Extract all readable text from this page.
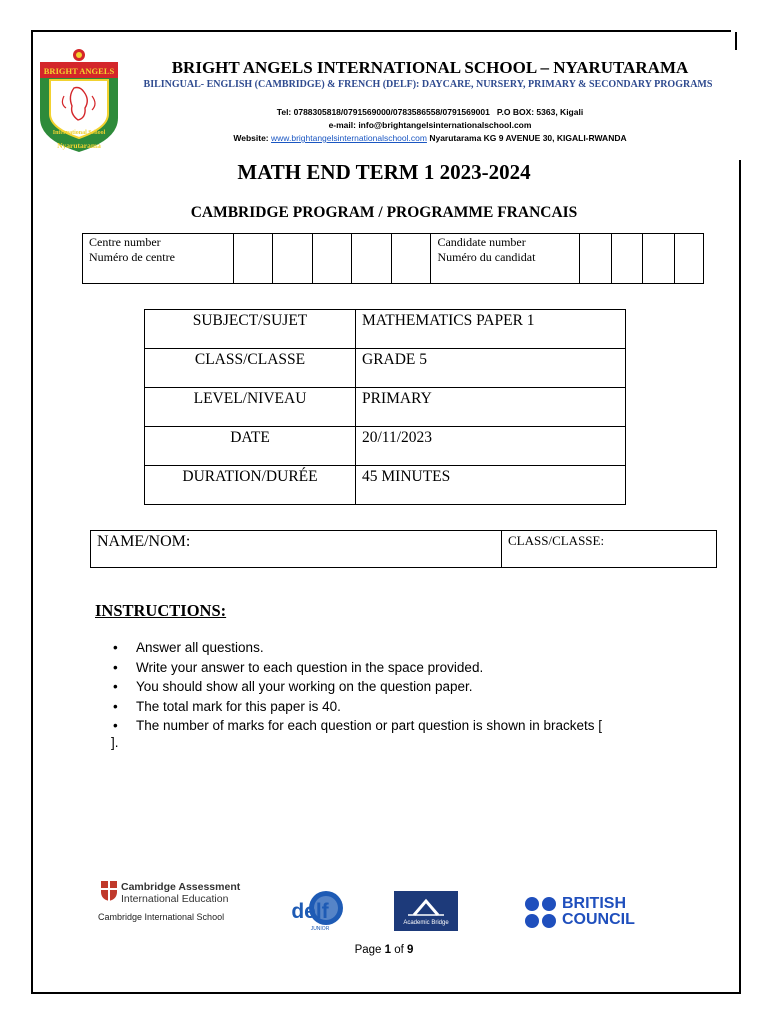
BRIGHT ANGELS
International School
Nyarutarama
BRIGHT ANGELS INTERNATIONAL SCHOOL – NYARUTARAMA
BILINGUAL- ENGLISH (CAMBRIDGE) & FRENCH (DELF): DAYCARE, NURSERY, PRIMARY & SECONDARY PROGRAMS
Tel: 0788305818/0791569000/0783586558/0791569001 P.O BOX: 5363, Kigali
e-mail: info@brightangelsinternationalschool.com
Website: www.brightangelsinternationalschool.com Nyarutarama KG 9 AVENUE 30, KIGALI-RWANDA
MATH END TERM 1 2023-2024
CAMBRIDGE PROGRAM / PROGRAMME FRANCAIS
Centre number
Numéro de centre

Candidate number
Numéro du candidat

SUBJECT/SUJET	MATHEMATICS PAPER 1
CLASS/CLASSE	GRADE 5
LEVEL/NIVEAU	PRIMARY
DATE	20/11/2023
DURATION/DURÉE	45 MINUTES
NAME/NOM:	CLASS/CLASSE:
INSTRUCTIONS:
• Answer all questions.
• Write your answer to each question in the space provided.
• You should show all your working on the question paper.
• The total mark for this paper is 40.
• The number of marks for each question or part question is shown in brackets [
].
Cambridge Assessment
International Education
Cambridge International School	delf
JUNIOR
Academic Bridge
BRITISH
COUNCIL
Page 1 of 9
